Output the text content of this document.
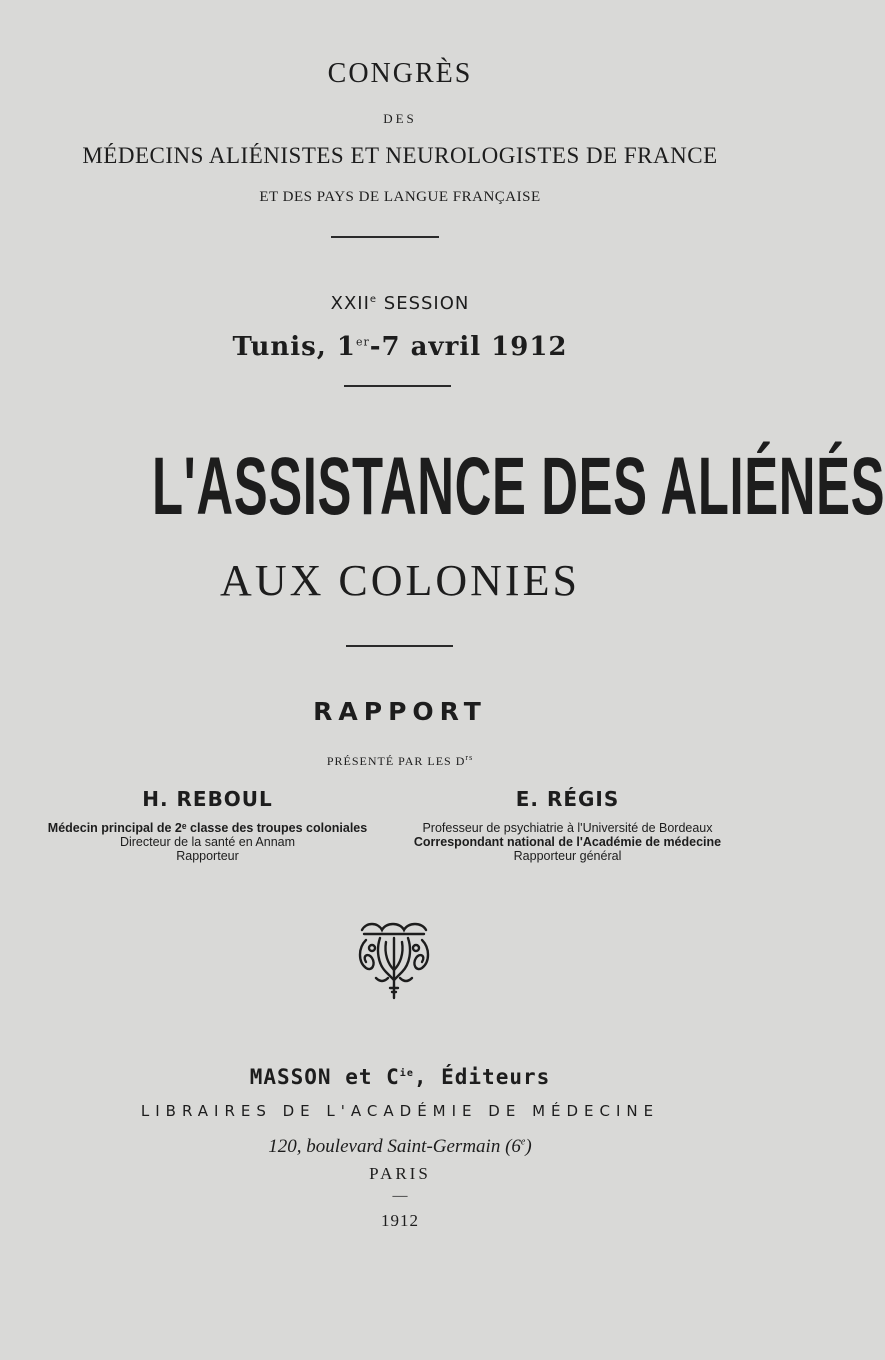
CONGRÈS
DES
MÉDECINS ALIÉNISTES ET NEUROLOGISTES DE FRANCE
ET DES PAYS DE LANGUE FRANÇAISE
XXIIe SESSION
Tunis, 1er-7 avril 1912
L'ASSISTANCE DES ALIÉNÉS
AUX COLONIES
RAPPORT
PRÉSENTÉ PAR LES $D^{rs}$
H. REBOUL
Médecin principal de 2ᵉ classe des troupes coloniales
Directeur de la santé en Annam
Rapporteur
E. RÉGIS
Professeur de psychiatrie à l'Université de Bordeaux
Correspondant national de l'Académie de médecine
Rapporteur général
MASSON et $C^{ie}$, Éditeurs
LIBRAIRES DE L'ACADÉMIE DE MÉDECINE
120, boulevard Saint-Germain (6e)
PARIS
—
1912
